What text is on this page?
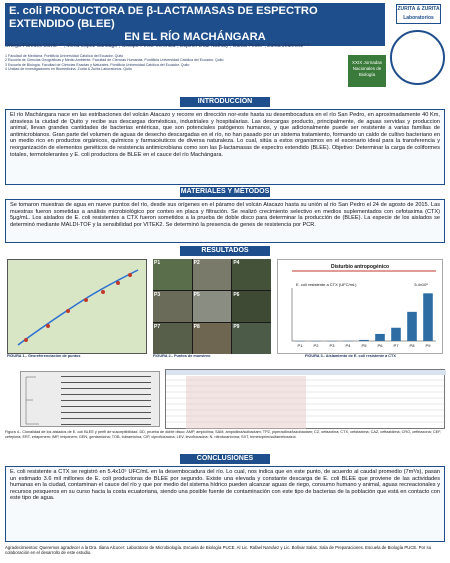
E. coli PRODUCTORA DE β-LACTAMASAS DE ESPECTRO EXTENDIDO (BLEE)
EN EL RÍO MACHÁNGARA
Ortega-Paredes David¹·²³; Mena-López Santiago¹; Crespo-Pérez Verónica¹; Espinel-Díaz Nathaly¹; Barba Pedro⁴; Zurita Jeannete¹·⁴
1 Facultad de Medicina. Pontificia Universidad Católica del Ecuador. Quito
2 Escuela de Ciencias Geográficas y Medio Ambiente. Facultad de Ciencias Humanas. Pontificia Universidad Católica del Ecuador. Quito
3 Escuela de Biología. Facultad de Ciencias Exactas y Naturales. Pontificia Universidad Católica del Ecuador. Quito
4 Unidad de investigaciones en Biomedicina. Zurita & Zurita Laboratorios. Quito
ZURITA & ZURITA Laboratorios
XXIX Jornadas Nacionales de Biología
INTRODUCCIÓN
El río Machángara nace en las estribaciones del volcán Atacazo y recorre en dirección nor-este hasta su desembocadura en el río San Pedro, en aproximadamente 40 Km, atraviesa la ciudad de Quito y recibe sus descargas domésticas, industriales y hospitalarias. Las descargas producto, principalmente, de aguas servidas y produccion animal, llevan grandes cantidades de bacterias entéricas, que son potenciales patógenos humanos, y que adicionalmente puede ser resistente a varias familias de antimicrobianos. Gran parte del volumen de aguas de desecho descargadas en el río, no han pasado por un sistema tratamiento, formando un caldo de cultivo bacteriano en un medio rico en productos orgánicos, químicos y farmacéuticos de diversa naturaleza. Lo cual, sitúa a estos organismos en el escenario ideal para la transferencia y reorganización de elementos genéticos de resistencia antimicrobiana como son las β-lactamasas de espectro extendido (BLEE). Objetivo: Determinar la carga de coliformes totales, termotolerantes y E. coli productora de BLEE en el cauce del río Machángara.
MATERIALES Y MÉTODOS
Se tomaron muestras de agua en nueve puntos del río, desde sus orígenes en el páramo del volcán Atacazo hasta su unión al río San Pedro el 24 de agosto de 2015. Las muestras fueron sometidas a análisis microbiológico por conteo en placa y filtración. Se realizó crecimiento selectivo en medios suplementados con cefotaxima (CTX) 5μg/mL. Los aislados de E. coli resistentes a CTX fueron sometidos a la prueba de doble disco para determinar la producción de (BLEE). La especie de los aislados se determinó mediante MALDI-TOF y la sensibilidad por VITEK2. Se determinó la presencia de genes de resistencia por PCR.
RESULTADOS
P1	P2	P4
P3	P5	P6
P7	P8	P9
Disturbio antropogénico
E. coli resistente a CTX (UFC/mL)
P1	P2	P3	P4	P5	P6	P7	P8	P9
5.4x10⁵
FIGURA 1.- Georeferenciación de puntos	FIGURA 2.- Puntos de muestreo	FIGURA 3.- Aislamiento de E. coli resistente a CTX
Figura 4.- Clonalidad de los aislados de E. coli BLEE y perfil de susceptibilidad. DD, prueba de doble disco; AMP, ampicilina; SAM, ampicilina/sulbactam; TPZ, piperacilina/tazobactam; CZ, cefazolina; CTX, cefotaxima; CAZ, ceftazidima; CRO, ceftriaxona; CEF, cefepima; ERT, ertapenem; IMP, imipenem; GEN, gentamicina; TOB, tobramicina; CIP, ciprofloxacina; LEV, levofloxacina; N, nitrofurantoína; SXT, trimetoprim/sulfametoxazol.
CONCLUSIONES
E. coli resistente a CTX se registró en 5.4x10⁵ UFC/mL en la desembocadura del río. Lo cual, nos indica que en este punto, de acuerdo al caudal promedio (7m³/s), pasan un estimado 3.6 mil millones de E. coli productoras de BLEE por segundo. Existe una elevada y constante descarga de E. coli BLEE que proviene de las actividades humanas en la ciudad, contaminan el cauce del río y que por medio del sistema hídrico pueden alcanzar aguas de riego, consumo humano y animal, aguas recreacionales y recursos pesqueros en su curso hacia la costa ecuatoriana, siendo una posible fuente de contaminación con este tipo de bacterias de la población que está en contacto con este tipo de agua.
Agradecimientos: Queremos agradecer a la Dra. Iliana Alcocer: Laboratorio de Microbiología. Escuela de Biología PUCE. Al Lic. Rafael Narváez y Lic. Bolívar Salas. Sala de Preparaciones. Escuela de Biología PUCE. Por su colaboración en el desarrollo de este estudio.
